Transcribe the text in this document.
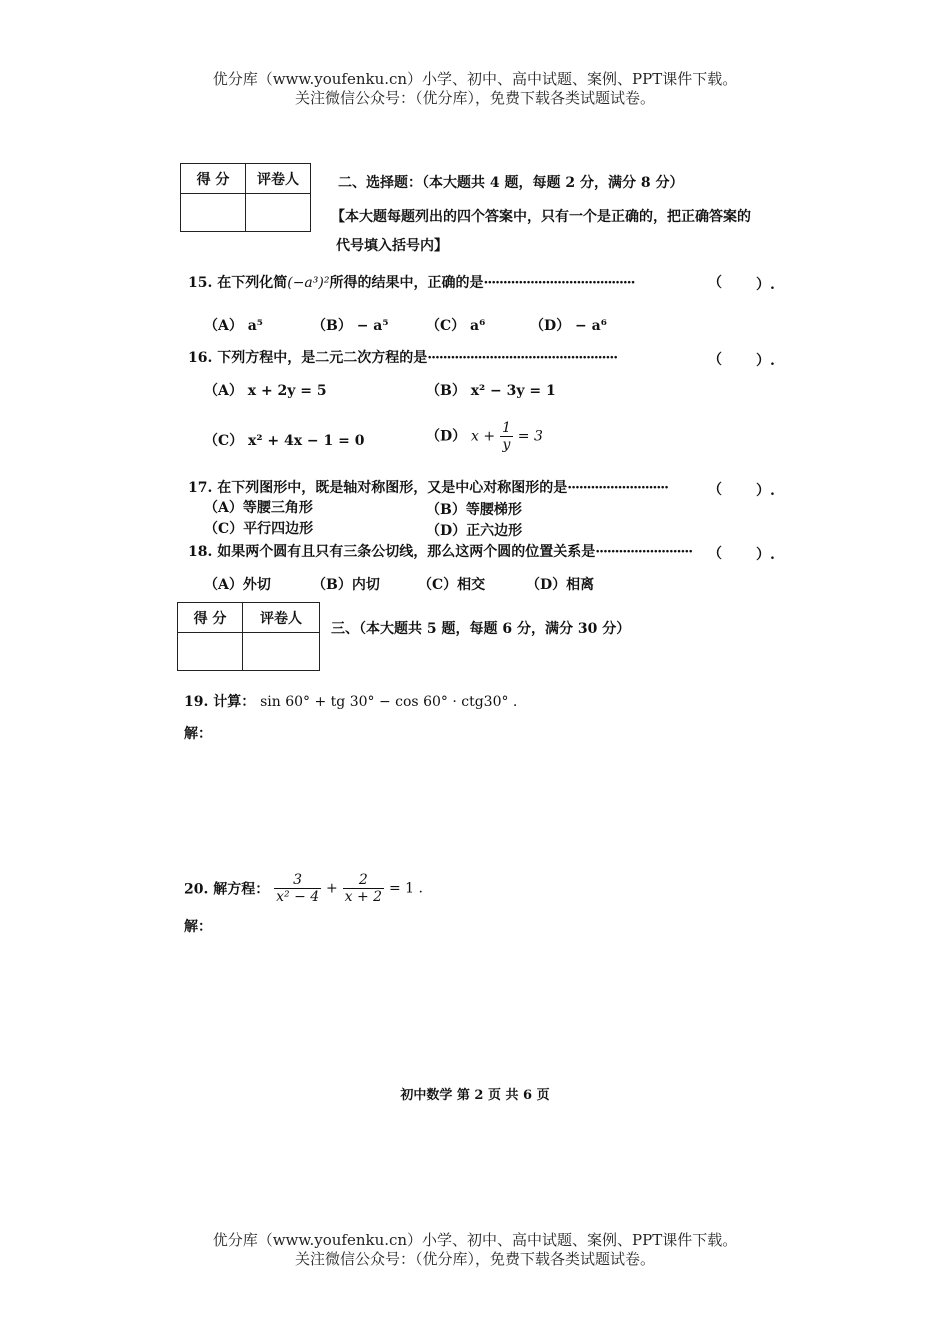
优分库（www.youfenku.cn）小学、初中、高中试题、案例、PPT课件下载。
关注微信公众号：（优分库），免费下载各类试题试卷。
得 分	评卷人
		二、选择题：（本大题共 4 题，每题 2 分，满分 8 分）
【本大题每题列出的四个答案中，只有一个是正确的，把正确答案的
代号填入括号内】
15. 在下列化简(−a³)²所得的结果中，正确的是·······································	（ ）.
（A） a⁵	（B） − a⁵	（C） a⁶	（D） − a⁶
16. 下列方程中，是二元二次方程的是·················································	（ ）.
（A） x + 2y = 5	（B） x² − 3y = 1
（C） x² + 4x − 1 = 0	（D） $x + \frac{1}{y} = 3$
17. 在下列图形中，既是轴对称图形，又是中心对称图形的是··························	（ ）.
（A）等腰三角形	（B）等腰梯形
（C）平行四边形	（D）正六边形
18. 如果两个圆有且只有三条公切线，那么这两个圆的位置关系是························· （ ）.
（A）外切	（B）内切	（C）相交	（D）相离
得 分	评卷人

三、（本大题共 5 题，每题 6 分，满分 30 分）
19. 计算： sin 60° + tg 30° − cos 60° · ctg30° .
解：
20. 解方程： $\frac{3}{\text{x² − 4}} + \frac{2}{x + 2} = 1$ .
解：
初中数学 第 2 页 共 6 页
优分库（www.youfenku.cn）小学、初中、高中试题、案例、PPT课件下载。
关注微信公众号：（优分库），免费下载各类试题试卷。
